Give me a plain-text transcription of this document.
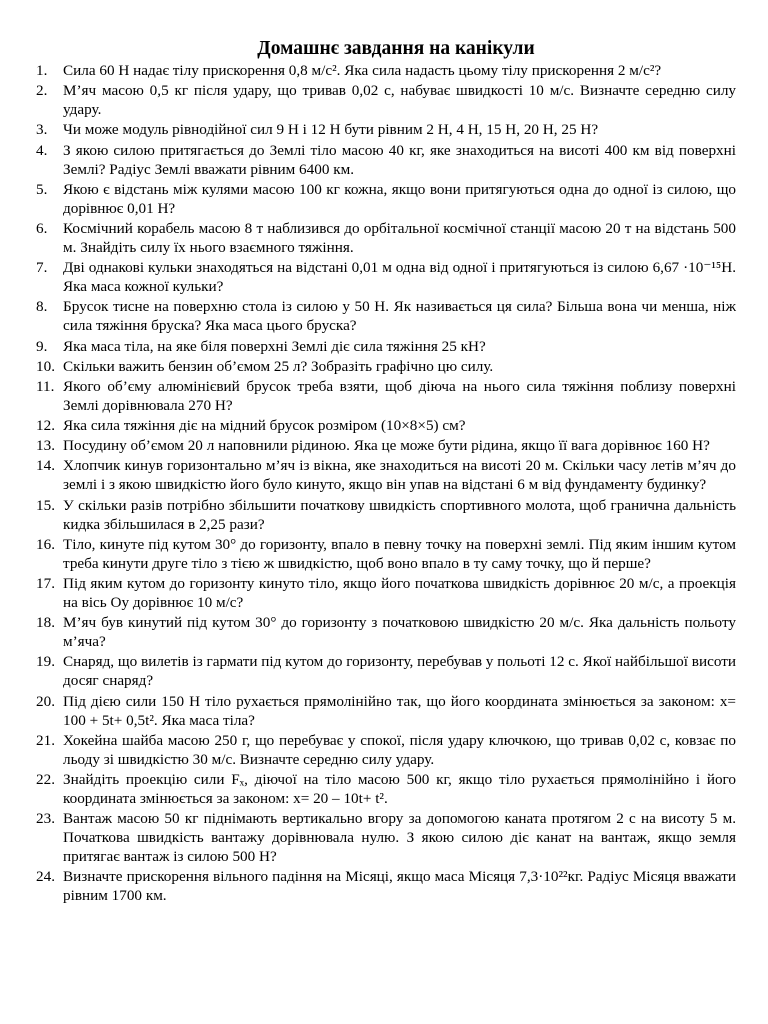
Домашнє завдання на канікули
1.	Сила 60 Н надає тілу прискорення 0,8 м/с². Яка сила надасть цьому тілу прискорення 2 м/с²?
2.	М’яч масою 0,5 кг після удару, що тривав 0,02 с, набуває швидкості 10 м/с. Визначте середню силу удару.
3.	Чи може модуль рівнодійної сил 9 Н і 12 Н бути рівним 2 Н, 4 Н, 15 Н, 20 Н, 25 Н?
4.	З якою силою притягається до Землі тіло масою 40 кг, яке знаходиться на висоті 400 км від поверхні Землі? Радіус Землі вважати рівним 6400 км.
5.	Якою є відстань між кулями масою 100 кг кожна, якщо вони притягуються одна до одної із силою, що дорівнює 0,01 Н?
6.	Космічний корабель масою 8 т наблизився до орбітальної космічної станції масою 20 т на відстань 500 м. Знайдіть силу їх нього взаємного тяжіння.
7.	Дві однакові кульки знаходяться на відстані 0,01 м одна від одної і притягуються із силою 6,67 ·10⁻¹⁵Н. Яка маса кожної кульки?
8.	Брусок тисне на поверхню стола із силою у 50 Н. Як називається ця сила? Більша вона чи менша, ніж сила тяжіння бруска? Яка маса цього бруска?
9.	Яка маса тіла, на яке біля поверхні Землі діє сила тяжіння 25 кН?
10. Скільки важить бензин об’ємом 25 л? Зобразіть графічно цю силу.
11. Якого об’єму алюмінієвий брусок треба взяти, щоб діюча на нього сила тяжіння поблизу поверхні Землі дорівнювала 270 Н?
12. Яка сила тяжіння діє на мідний брусок розміром (10×8×5) см?
13. Посудину об’ємом 20 л наповнили рідиною. Яка це може бути рідина, якщо її вага дорівнює 160 Н?
14. Хлопчик кинув горизонтально м’яч із вікна, яке знаходиться на висоті 20 м. Скільки часу летів м’яч до землі і з якою швидкістю його було кинуто, якщо він упав на відстані 6 м від фундаменту будинку?
15. У скільки разів потрібно збільшити початкову швидкість спортивного молота, щоб гранична дальність кидка збільшилася в 2,25 рази?
16. Тіло, кинуте під кутом 30° до горизонту, впало в певну точку на поверхні землі. Під яким іншим кутом треба кинути друге тіло з тією ж швидкістю, щоб воно впало в ту саму точку, що й перше?
17. Під яким кутом до горизонту кинуто тіло, якщо його початкова швидкість дорівнює 20 м/с, а проекція на вісь Оу дорівнює 10 м/с?
18. М’яч був кинутий під кутом 30° до горизонту з початковою швидкістю 20 м/с. Яка дальність польоту м’яча?
19. Снаряд, що вилетів із гармати під кутом до горизонту, перебував у польоті 12 с. Якої найбільшої висоти досяг снаряд?
20. Під дією сили 150 Н тіло рухається прямолінійно так, що його координата змінюється за законом: x= 100 + 5t+ 0,5t². Яка маса тіла?
21. Хокейна шайба масою 250 г, що перебуває у спокої, після удару ключкою, що тривав 0,02 с, ковзає по льоду зі швидкістю 30 м/с. Визначте середню силу удару.
22. Знайдіть проекцію сили Fₓ, діючої на тіло масою 500 кг, якщо тіло рухається прямолінійно і його координата змінюється за законом: x= 20 – 10t+ t².
23. Вантаж масою 50 кг піднімають вертикально вгору за допомогою каната протягом 2 с на висоту 5 м. Початкова швидкість вантажу дорівнювала нулю. З якою силою діє канат на вантаж, якщо земля притягає вантаж із силою 500 Н?
24. Визначте прискорення вільного падіння на Місяці, якщо маса Місяця 7,3·10²²кг. Радіус Місяця вважати рівним 1700 км.
